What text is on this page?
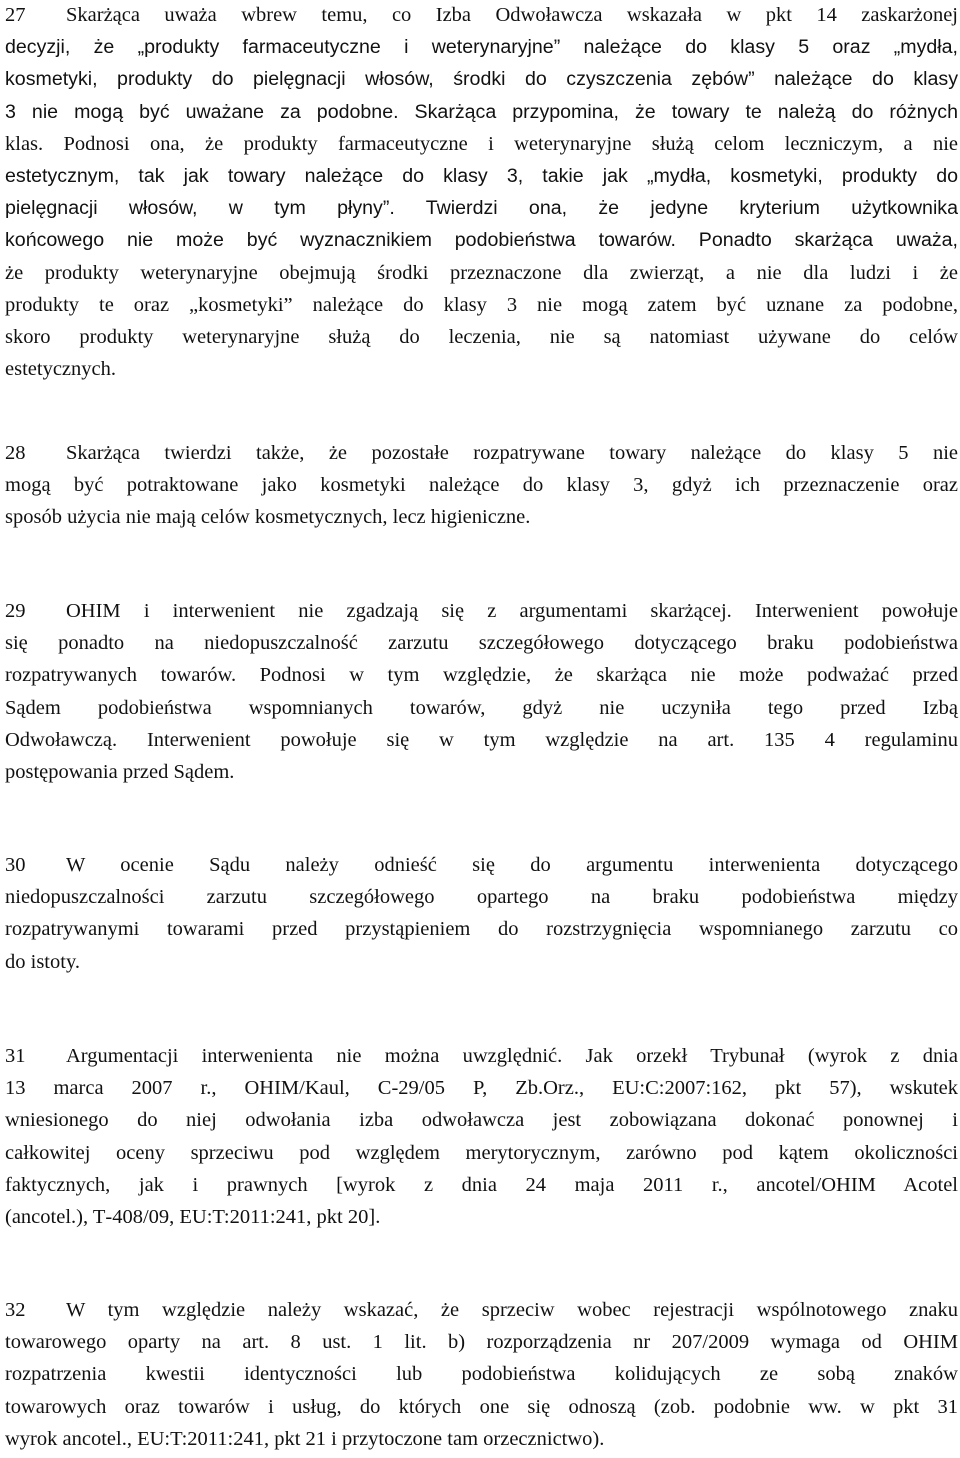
27 Skarżąca uważa wbrew temu, co Izba Odwoławcza wskazała w pkt 14 zaskarżonej
decyzji, że „produkty farmaceutyczne i weterynaryjne” należące do klasy 5 oraz „mydła,
kosmetyki, produkty do pielęgnacji włosów, środki do czyszczenia zębów” należące do klasy
3 nie mogą być uważane za podobne. Skarżąca przypomina, że towary te należą do różnych
klas. Podnosi ona, że produkty farmaceutyczne i weterynaryjne służą celom leczniczym, a nie
estetycznym, tak jak towary należące do klasy 3, takie jak „mydła, kosmetyki, produkty do
pielęgnacji włosów, w tym płyny”. Twierdzi ona, że jedyne kryterium użytkownika
końcowego nie może być wyznacznikiem podobieństwa towarów. Ponadto skarżąca uważa,
że produkty weterynaryjne obejmują środki przeznaczone dla zwierząt, a nie dla ludzi i że
produkty te oraz „kosmetyki” należące do klasy 3 nie mogą zatem być uznane za podobne,
skoro produkty weterynaryjne służą do leczenia, nie są natomiast używane do celów
estetycznych.
28 Skarżąca twierdzi także, że pozostałe rozpatrywane towary należące do klasy 5 nie
mogą być potraktowane jako kosmetyki należące do klasy 3, gdyż ich przeznaczenie oraz
sposób użycia nie mają celów kosmetycznych, lecz higieniczne.
29 OHIM i interwenient nie zgadzają się z argumentami skarżącej. Interwenient powołuje
się ponadto na niedopuszczalność zarzutu szczegółowego dotyczącego braku podobieństwa
rozpatrywanych towarów. Podnosi w tym względzie, że skarżąca nie może podważać przed
Sądem podobieństwa wspomnianych towarów, gdyż nie uczyniła tego przed Izbą
Odwoławczą. Interwenient powołuje się w tym względzie na art. 135 4 regulaminu
postępowania przed Sądem.
30 W ocenie Sądu należy odnieść się do argumentu interwenienta dotyczącego
niedopuszczalności zarzutu szczegółowego opartego na braku podobieństwa między
rozpatrywanymi towarami przed przystąpieniem do rozstrzygnięcia wspomnianego zarzutu co
do istoty.
31 Argumentacji interwenienta nie można uwzględnić. Jak orzekł Trybunał (wyrok z dnia
13 marca 2007 r., OHIM/Kaul, C‑29/05 P, Zb.Orz., EU:C:2007:162, pkt 57), wskutek
wniesionego do niej odwołania izba odwoławcza jest zobowiązana dokonać ponownej i
całkowitej oceny sprzeciwu pod względem merytorycznym, zarówno pod kątem okoliczności
faktycznych, jak i prawnych [wyrok z dnia 24 maja 2011 r., ancotel/OHIM Acotel
(ancotel.), T‑408/09, EU:T:2011:241, pkt 20].
32 W tym względzie należy wskazać, że sprzeciw wobec rejestracji wspólnotowego znaku
towarowego oparty na art. 8 ust. 1 lit. b) rozporządzenia nr 207/2009 wymaga od OHIM
rozpatrzenia kwestii identyczności lub podobieństwa kolidujących ze sobą znaków
towarowych oraz towarów i usług, do których one się odnoszą (zob. podobnie ww. w pkt 31
wyrok ancotel., EU:T:2011:241, pkt 21 i przytoczone tam orzecznictwo).
